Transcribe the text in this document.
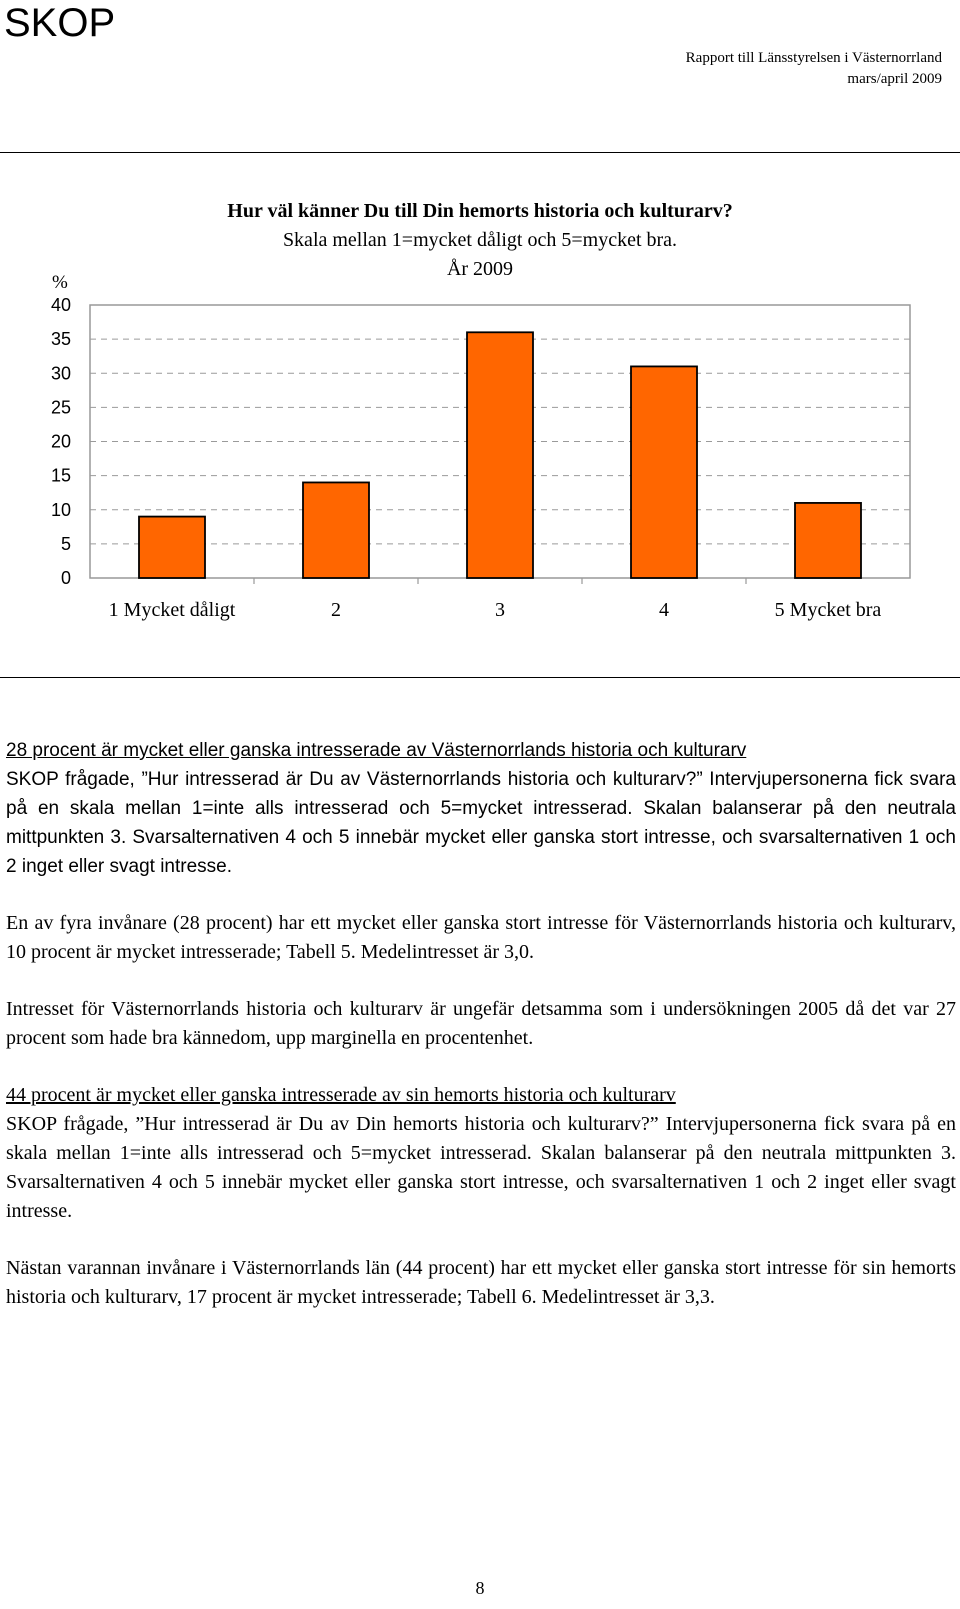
SKOP
Rapport till Länsstyrelsen i Västernorrland
mars/april 2009
Hur väl känner Du till Din hemorts historia och kulturarv?
Skala mellan 1=mycket dåligt och 5=mycket bra.
År 2009
%
0
5
10
15
20
25
30
35
40
1 Mycket dåligt	2	3	4	5 Mycket bra

28 procent är mycket eller ganska intresserade av Västernorrlands historia och kulturarv

SKOP frågade, ”Hur intresserad är Du av Västernorrlands historia och kulturarv?” Intervjupersonerna fick svara på en skala mellan 1=inte alls intresserad och 5=mycket intresserad. Skalan balanserar på den neutrala mittpunkten 3. Svarsalternativen 4 och 5 innebär mycket eller ganska stort intresse, och svarsalternativen 1 och 2 inget eller svagt intresse.

En av fyra invånare (28 procent) har ett mycket eller ganska stort intresse för Västernorrlands historia och kulturarv, 10 procent är mycket intresserade; Tabell 5. Medelintresset är 3,0.

Intresset för Västernorrlands historia och kulturarv är ungefär detsamma som i undersökningen 2005 då det var 27 procent som hade bra kännedom, upp marginella en procentenhet.

44 procent är mycket eller ganska intresserade av sin hemorts historia och kulturarv

SKOP frågade, ”Hur intresserad är Du av Din hemorts historia och kulturarv?” Intervjupersonerna fick svara på en skala mellan 1=inte alls intresserad och 5=mycket intresserad. Skalan balanserar på den neutrala mittpunkten 3. Svarsalternativen 4 och 5 innebär mycket eller ganska stort intresse, och svarsalternativen 1 och 2 inget eller svagt intresse.

Nästan varannan invånare i Västernorrlands län (44 procent) har ett mycket eller ganska stort intresse för sin hemorts historia och kulturarv, 17 procent är mycket intresserade; Tabell 6. Medelintresset är 3,3.

8
